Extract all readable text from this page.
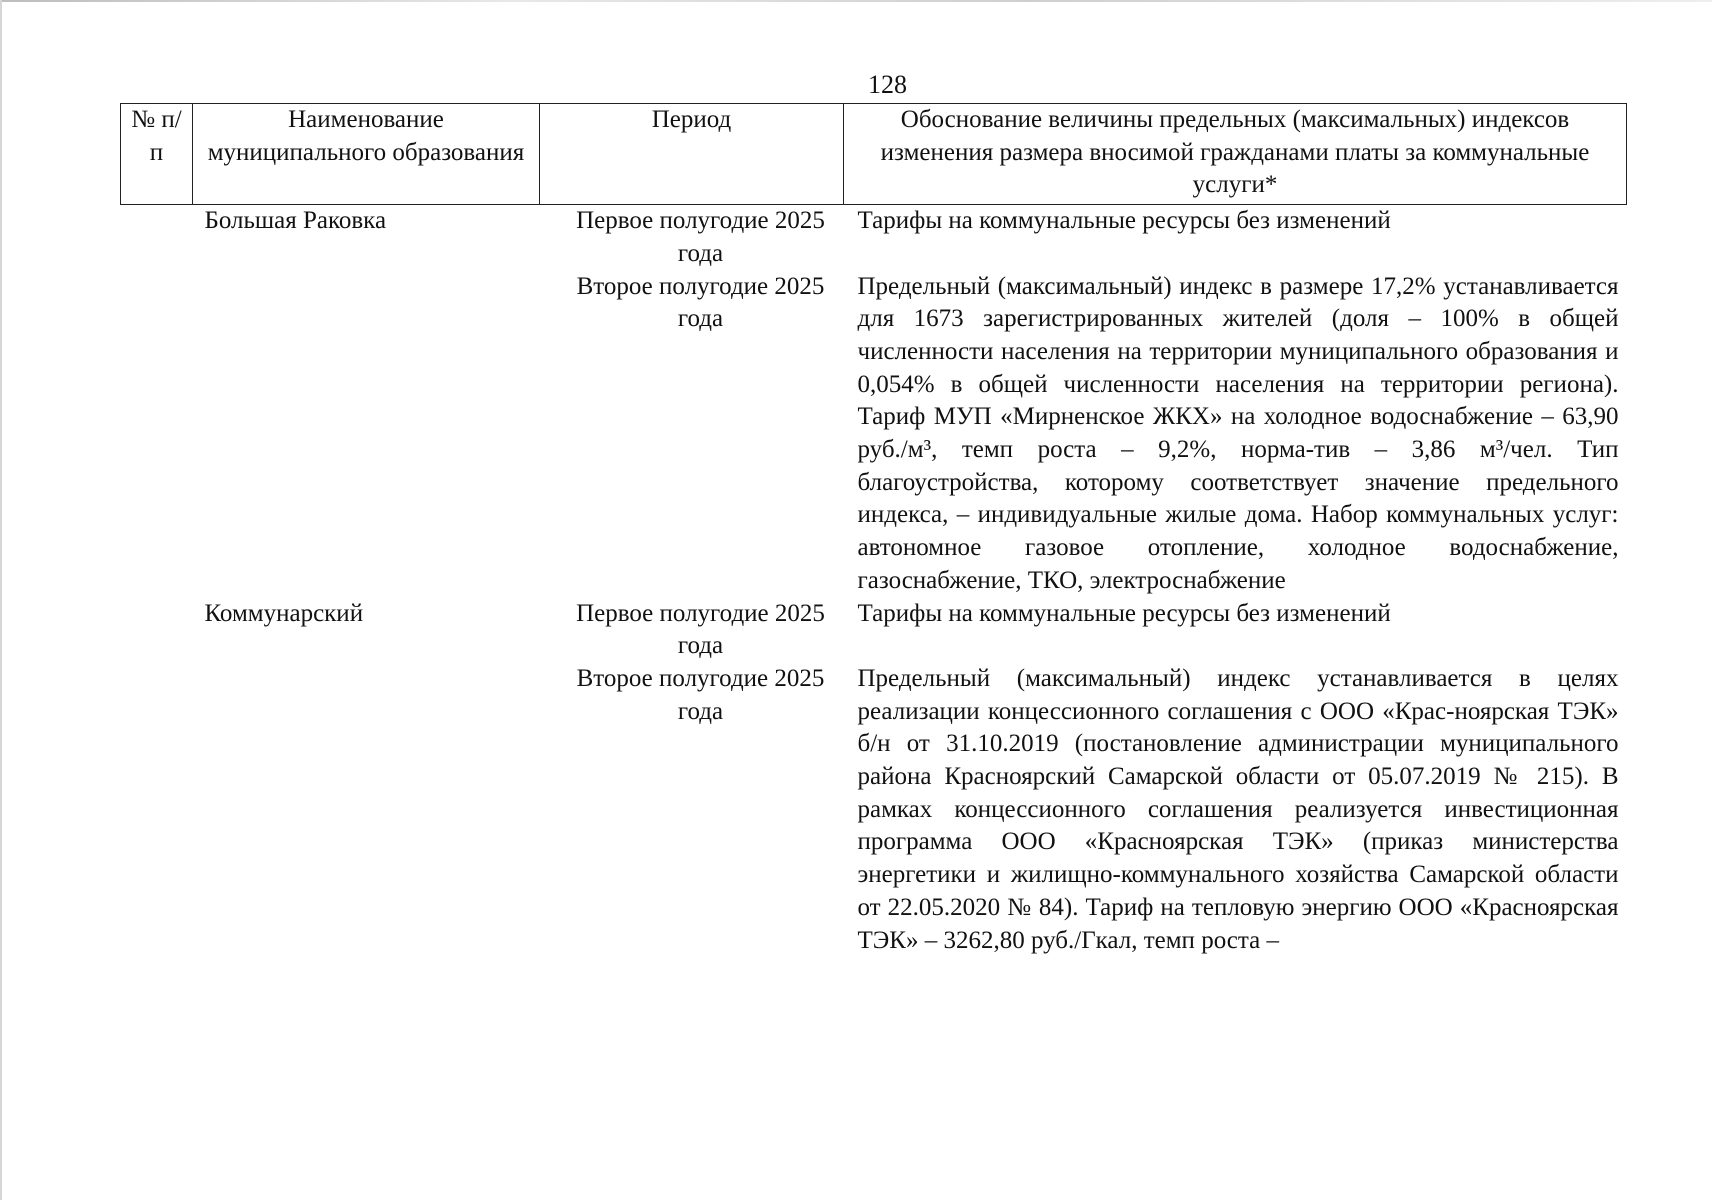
128
№ п/п	Наименование муниципального образования	Период	Обоснование величины предельных (максимальных) индексов изменения размера вносимой гражданами платы за коммунальные услуги*
	Большая Раковка	Первое полугодие 2025 года	Тарифы на коммунальные ресурсы без изменений
		Второе полугодие 2025 года	Предельный (максимальный) индекс в размере 17,2% устанавливается для 1673 зарегистрированных жителей (доля – 100% в общей численности населения на территории муниципального образования и 0,054% в общей численности населения на территории региона). Тариф МУП «Мирненское ЖКХ» на холодное водоснабжение – 63,90 руб./м³, темп роста – 9,2%, норма-тив – 3,86 м³/чел. Тип благоустройства, которому соответствует значение предельного индекса, – индивидуальные жилые дома. Набор коммунальных услуг: автономное газовое отопление, холодное водоснабжение, газоснабжение, ТКО, электроснабжение
	Коммунарский	Первое полугодие 2025 года	Тарифы на коммунальные ресурсы без изменений
		Второе полугодие 2025 года	Предельный (максимальный) индекс устанавливается в целях реализации концессионного соглашения с ООО «Крас-ноярская ТЭК» б/н от 31.10.2019 (постановление администрации муниципального района Красноярский Самарской области от 05.07.2019 № 215). В рамках концессионного соглашения реализуется инвестиционная программа ООО «Красноярская ТЭК» (приказ министерства энергетики и жилищно-коммунального хозяйства Самарской области от 22.05.2020 № 84). Тариф на тепловую энергию ООО «Красноярская ТЭК» – 3262,80 руб./Гкал, темп роста –
